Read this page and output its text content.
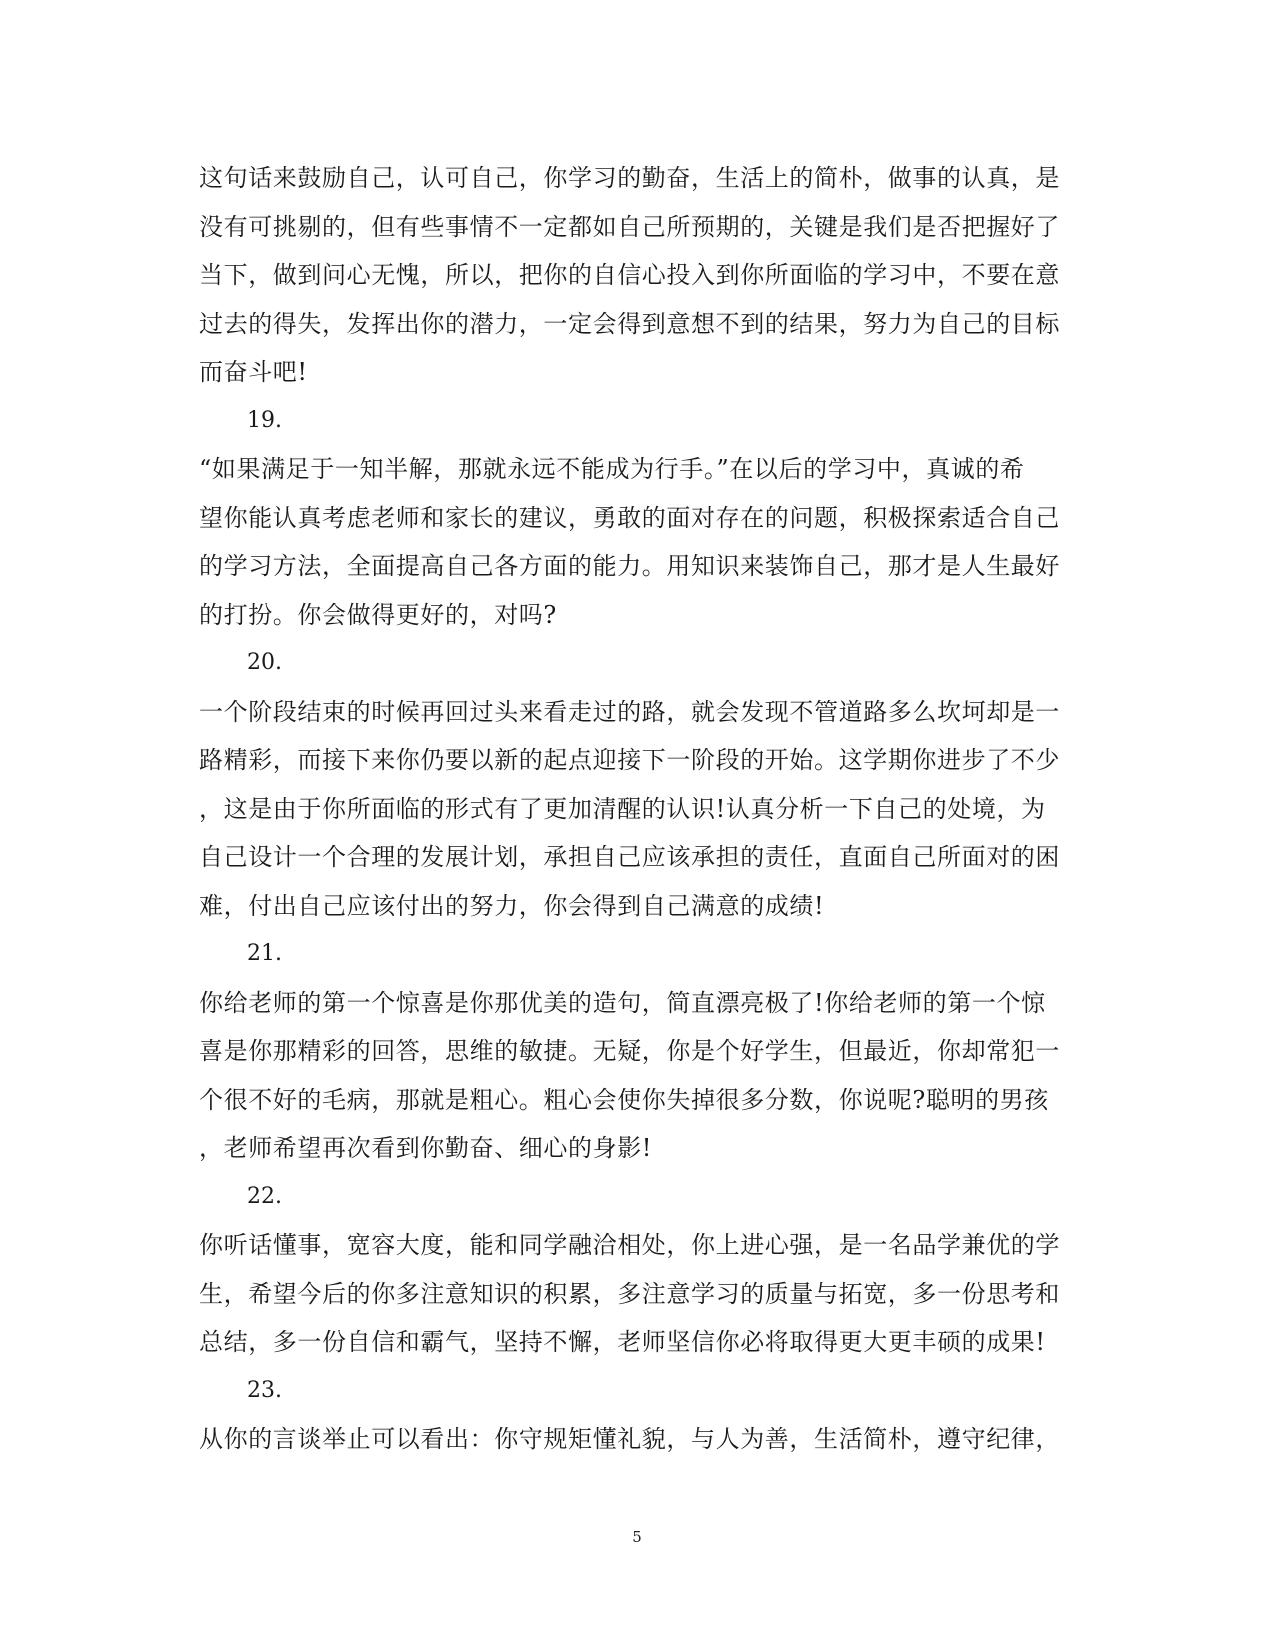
这句话来鼓励自己，认可自己，你学习的勤奋，生活上的简朴，做事的认真，是
没有可挑剔的，但有些事情不一定都如自己所预期的，关键是我们是否把握好了
当下，做到问心无愧，所以，把你的自信心投入到你所面临的学习中，不要在意
过去的得失，发挥出你的潜力，一定会得到意想不到的结果，努力为自己的目标
而奋斗吧!
19.
“如果满足于一知半解，那就永远不能成为行手。”在以后的学习中，真诚的希
望你能认真考虑老师和家长的建议，勇敢的面对存在的问题，积极探索适合自己
的学习方法，全面提高自己各方面的能力。用知识来装饰自己，那才是人生最好
的打扮。你会做得更好的，对吗?
20.
一个阶段结束的时候再回过头来看走过的路，就会发现不管道路多么坎坷却是一
路精彩，而接下来你仍要以新的起点迎接下一阶段的开始。这学期你进步了不少
，这是由于你所面临的形式有了更加清醒的认识!认真分析一下自己的处境，为
自己设计一个合理的发展计划，承担自己应该承担的责任，直面自己所面对的困
难，付出自己应该付出的努力，你会得到自己满意的成绩!
21.
你给老师的第一个惊喜是你那优美的造句，简直漂亮极了!你给老师的第一个惊
喜是你那精彩的回答，思维的敏捷。无疑，你是个好学生，但最近，你却常犯一
个很不好的毛病，那就是粗心。粗心会使你失掉很多分数，你说呢?聪明的男孩
，老师希望再次看到你勤奋、细心的身影!
22.
你听话懂事，宽容大度，能和同学融洽相处，你上进心强，是一名品学兼优的学
生，希望今后的你多注意知识的积累，多注意学习的质量与拓宽，多一份思考和
总结，多一份自信和霸气，坚持不懈，老师坚信你必将取得更大更丰硕的成果!
23.
从你的言谈举止可以看出：你守规矩懂礼貌，与人为善，生活简朴，遵守纪律，
5
